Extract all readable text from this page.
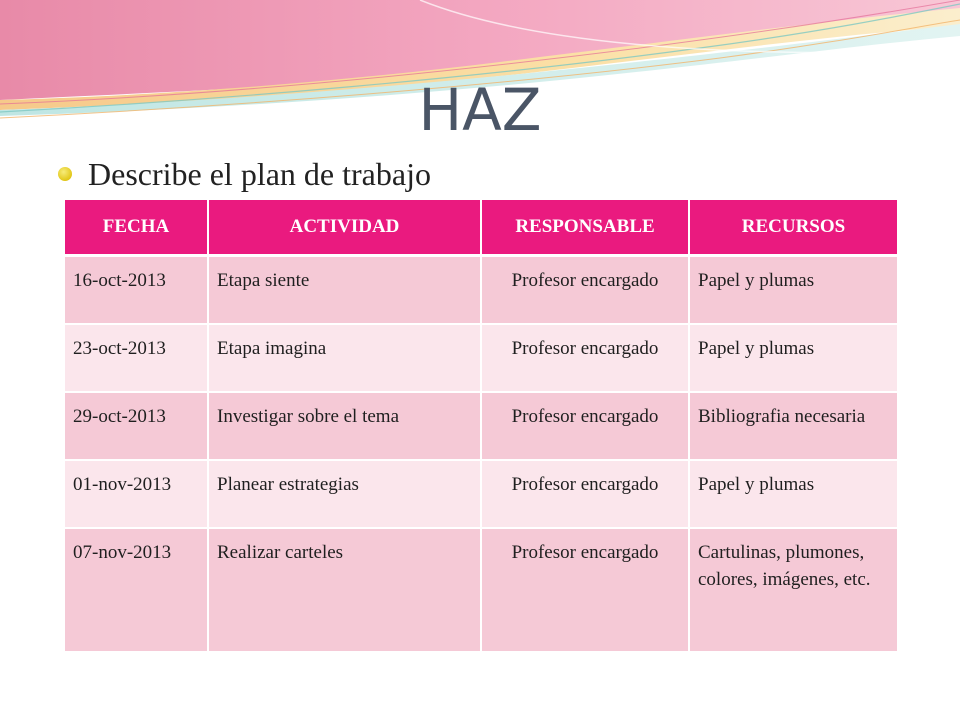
HAZ
Describe el plan de trabajo
FECHA	ACTIVIDAD	RESPONSABLE	RECURSOS
16-oct-2013	Etapa siente	Profesor encargado	Papel y plumas
23-oct-2013	Etapa imagina	Profesor encargado	Papel y plumas
29-oct-2013	Investigar sobre el tema	Profesor encargado	Bibliografia necesaria
01-nov-2013	Planear estrategias	Profesor encargado	Papel y plumas
07-nov-2013	Realizar carteles	Profesor encargado	Cartulinas, plumones, colores, imágenes, etc.
